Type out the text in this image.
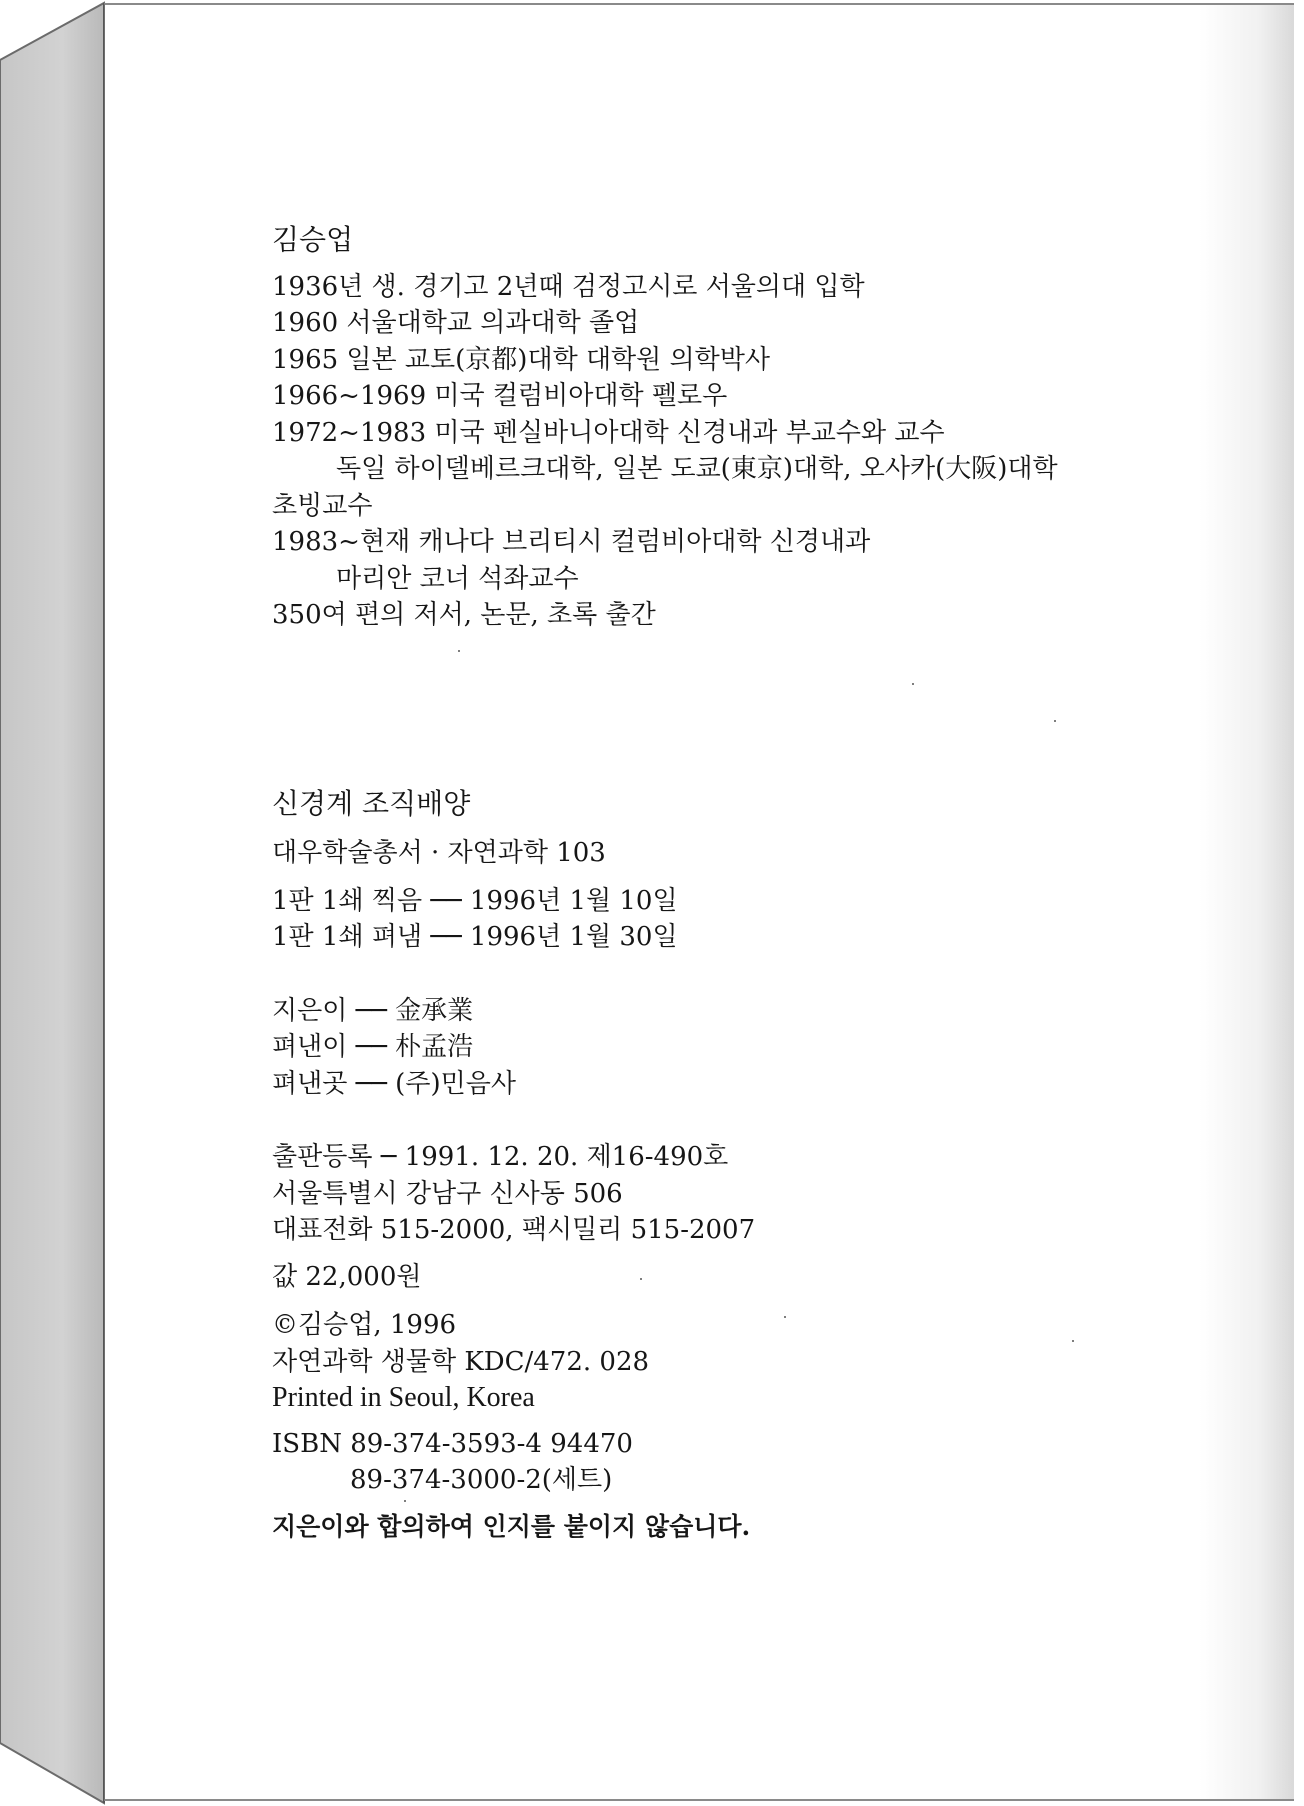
김승업
1936년 생. 경기고 2년때 검정고시로 서울의대 입학
1960 서울대학교 의과대학 졸업
1965 일본 교토(京都)대학 대학원 의학박사
1966~1969 미국 컬럼비아대학 펠로우
1972~1983 미국 펜실바니아대학 신경내과 부교수와 교수
독일 하이델베르크대학, 일본 도쿄(東京)대학, 오사카(大阪)대학
초빙교수
1983~현재 캐나다 브리티시 컬럼비아대학 신경내과
마리안 코너 석좌교수
350여 편의 저서, 논문, 초록 출간
신경계 조직배양
대우학술총서 · 자연과학 103
1판 1쇄 찍음 ── 1996년 1월 10일
1판 1쇄 펴냄 ── 1996년 1월 30일
지은이 ── 金承業
펴낸이 ── 朴孟浩
펴낸곳 ── (주)민음사
출판등록 ─ 1991. 12. 20. 제16-490호
서울특별시 강남구 신사동 506
대표전화 515-2000, 팩시밀리 515-2007
값 22,000원
©김승업, 1996
자연과학 생물학 KDC/472. 028
Printed in Seoul, Korea
ISBN 89-374-3593-4 94470
89-374-3000-2(세트)
지은이와 합의하여 인지를 붙이지 않습니다.
